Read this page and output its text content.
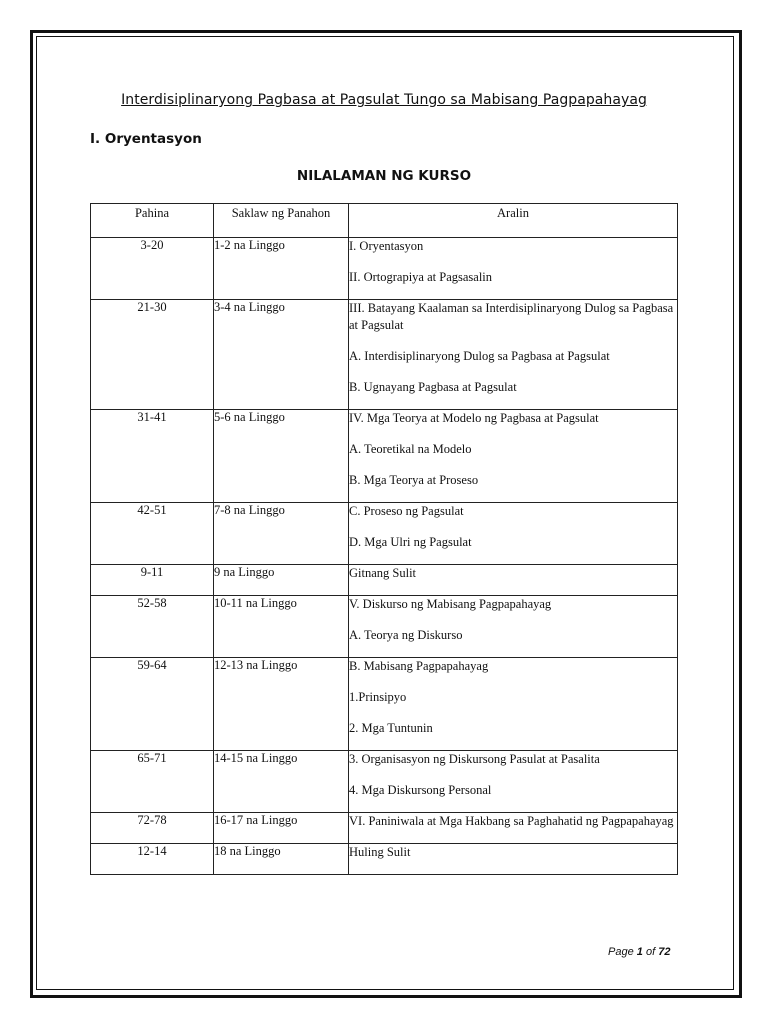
Interdisiplinaryong Pagbasa at Pagsulat Tungo sa Mabisang Pagpapahayag
I. Oryentasyon
NILALAMAN NG KURSO
Pahina	Saklaw ng Panahon	Aralin
3-20	1-2 na Linggo	I. Oryentasyon
II. Ortograpiya at Pagsasalin

21-30	3-4 na Linggo	III. Batayang Kaalaman sa Interdisiplinaryong Dulog sa Pagbasa at Pagsulat
A. Interdisiplinaryong Dulog sa Pagbasa at Pagsulat
B. Ugnayang Pagbasa at Pagsulat

31-41	5-6 na Linggo	IV. Mga Teorya at Modelo ng Pagbasa at Pagsulat
A. Teoretikal na Modelo
B. Mga Teorya at Proseso

42-51	7-8 na Linggo	C. Proseso ng Pagsulat
D. Mga Ulri ng Pagsulat

9-11	9 na Linggo	Gitnang Sulit

52-58	10-11 na Linggo	V. Diskurso ng Mabisang Pagpapahayag
A. Teorya ng Diskurso

59-64	12-13 na Linggo	B. Mabisang Pagpapahayag
1.Prinsipyo
2. Mga Tuntunin

65-71	14-15 na Linggo	3. Organisasyon ng Diskursong Pasulat at Pasalita
4. Mga Diskursong Personal

72-78	16-17 na Linggo	VI. Paniniwala at Mga Hakbang sa Paghahatid ng Pagpapahayag

12-14	18 na Linggo	Huling Sulit
Page 1 of 72
